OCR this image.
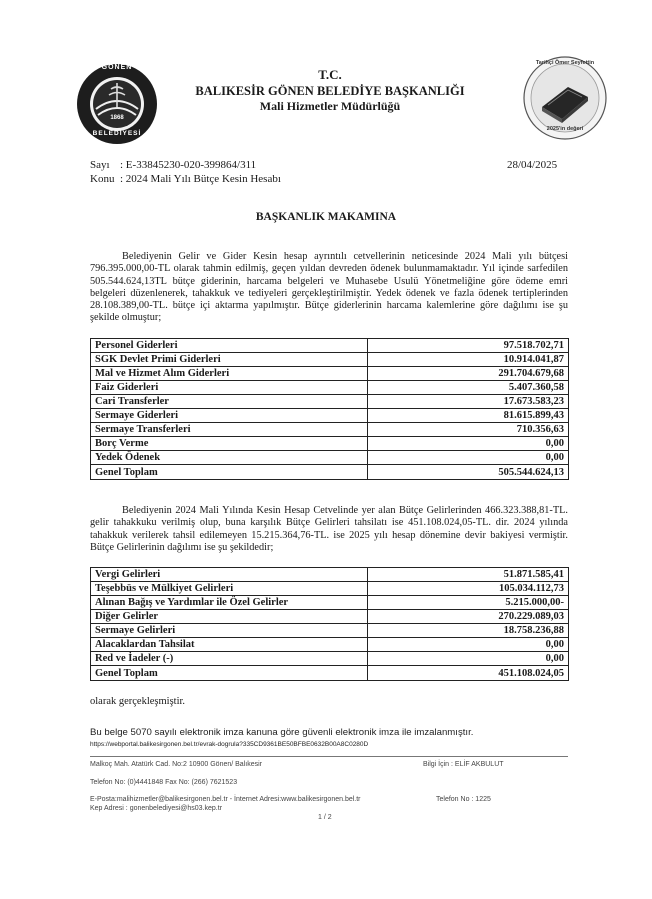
1868
GÖNEN
BELEDİYESİ
T.C.
BALIKESİR GÖNEN BELEDİYE BAŞKANLIĞI
Mali Hizmetler Müdürlüğü
Tarihçi Ömer Seyfettin
2025'in değeri
Sayı : E-33845230-020-399864/311	28/04/2025
Konu : 2024 Mali Yılı Bütçe Kesin Hesabı
BAŞKANLIK MAKAMINA

Belediyenin Gelir ve Gider Kesin hesap ayrıntılı cetvellerinin neticesinde 2024 Mali yılı bütçesi 796.395.000,00-TL olarak tahmin edilmiş, geçen yıldan devreden ödenek bulunmamaktadır. Yıl içinde sarfedilen 505.544.624,13TL bütçe giderinin, harcama belgeleri ve Muhasebe Usulü Yönetmeliğine göre ödeme emri belgeleri düzenlenerek, tahakkuk ve tediyeleri gerçekleştirilmiştir. Yedek ödenek ve fazla ödenek tertiplerinden 28.108.389,00-TL. bütçe içi aktarma yapılmıştır. Bütçe giderlerinin harcama kalemlerine göre dağılımı ise şu şekilde olmuştur;

Personel Giderleri	97.518.702,71
SGK Devlet Primi Giderleri	10.914.041,87
Mal ve Hizmet Alım Giderleri	291.704.679,68
Faiz Giderleri	5.407.360,58
Cari Transferler	17.673.583,23
Sermaye Giderleri	81.615.899,43
Sermaye Transferleri	710.356,63
Borç Verme	0,00
Yedek Ödenek	0,00
Genel Toplam	505.544.624,13

Belediyenin 2024 Mali Yılında Kesin Hesap Cetvelinde yer alan Bütçe Gelirlerinden 466.323.388,81-TL. gelir tahakkuku verilmiş olup, buna karşılık Bütçe Gelirleri tahsilatı ise 451.108.024,05-TL. dir. 2024 yılında tahakkuk verilerek tahsil edilemeyen 15.215.364,76-TL. ise 2025 yılı hesap dönemine devir bakiyesi vermiştir. Bütçe Gelirlerinin dağılımı ise şu şekildedir;

Vergi Gelirleri	51.871.585,41
Teşebbüs ve Mülkiyet Gelirleri	105.034.112,73
Alınan Bağış ve Yardımlar ile Özel Gelirler	5.215.000,00-
Diğer Gelirler	270.229.089,03
Sermaye Gelirleri	18.758.236,88
Alacaklardan Tahsilat	0,00
Red ve İadeler (-)	0,00
Genel Toplam	451.108.024,05
olarak gerçekleşmiştir.
Bu belge 5070 sayılı elektronik imza kanuna göre güvenli elektronik imza ile imzalanmıştır.
https://webportal.balikesirgonen.bel.tr/evrak-dogrula?335CD9361BE50BFBE0632B00A8C0280D
Malkoç Mah. Atatürk Cad. No:2 10900 Gönen/ Balıkesir	Bilgi İçin : ELİF AKBULUT
Telefon No: (0)4441848 Fax No: (266) 7621523
E-Posta:malihizmetler@balikesirgonen.bel.tr - İnternet Adresi:www.balikesirgonen.bel.tr	Telefon No : 1225
Kep Adresi : gonenbelediyesi@hs03.kep.tr
1 / 2
